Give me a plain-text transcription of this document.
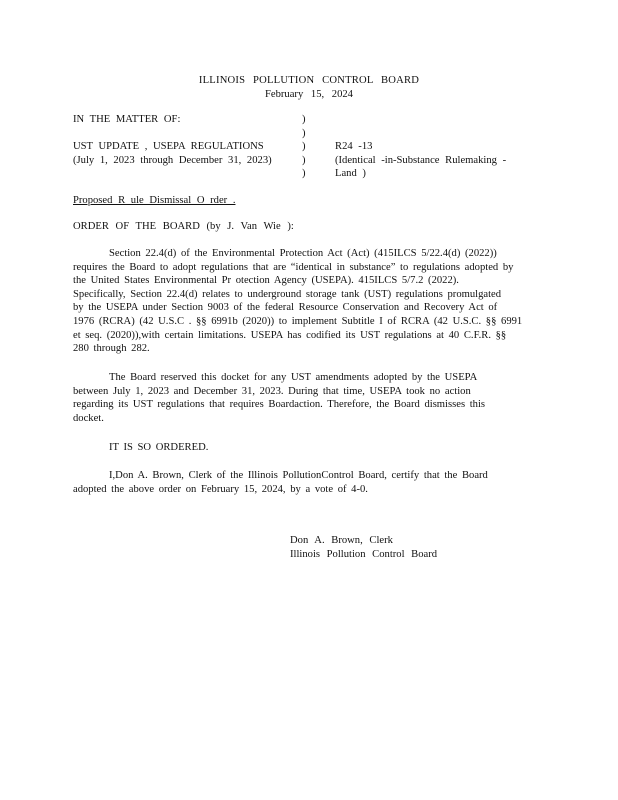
ILLINOIS POLLUTION CONTROL BOARD
February 15, 2024
IN THE MATTER OF:
UST UPDATE , USEPA REGULATIONS
(July 1, 2023 through December 31, 2023)
)
)
)
)
)
R24 -13
(Identical -in-Substance Rulemaking -
Land )
Proposed R ule Dismissal O rder .
ORDER OF THE BOARD (by J. Van Wie ):
Section 22.4(d) of the Environmental Protection Act (Act) (415ILCS 5/22.4(d) (2022))
requires the Board to adopt regulations that are “identical in substance” to regulations adopted by
the United States Environmental Pr otection Agency (USEPA). 415ILCS 5/7.2 (2022).
Specifically, Section 22.4(d) relates to underground storage tank (UST) regulations promulgated
by the USEPA under Section 9003 of the federal Resource Conservation and Recovery Act of
1976 (RCRA) (42 U.S.C . §§ 6991b (2020)) to implement Subtitle I of RCRA (42 U.S.C. §§ 6991
et seq. (2020)),with certain limitations. USEPA has codified its UST regulations at 40 C.F.R. §§
280 through 282.
The Board reserved this docket for any UST amendments adopted by the USEPA
between July 1, 2023 and December 31, 2023. During that time, USEPA took no action
regarding its UST regulations that requires Boardaction. Therefore, the Board dismisses this
docket.
IT IS SO ORDERED.
I,Don A. Brown, Clerk of the Illinois PollutionControl Board, certify that the Board
adopted the above order on February 15, 2024, by a vote of 4-0.
Don A. Brown, Clerk
Illinois Pollution Control Board
